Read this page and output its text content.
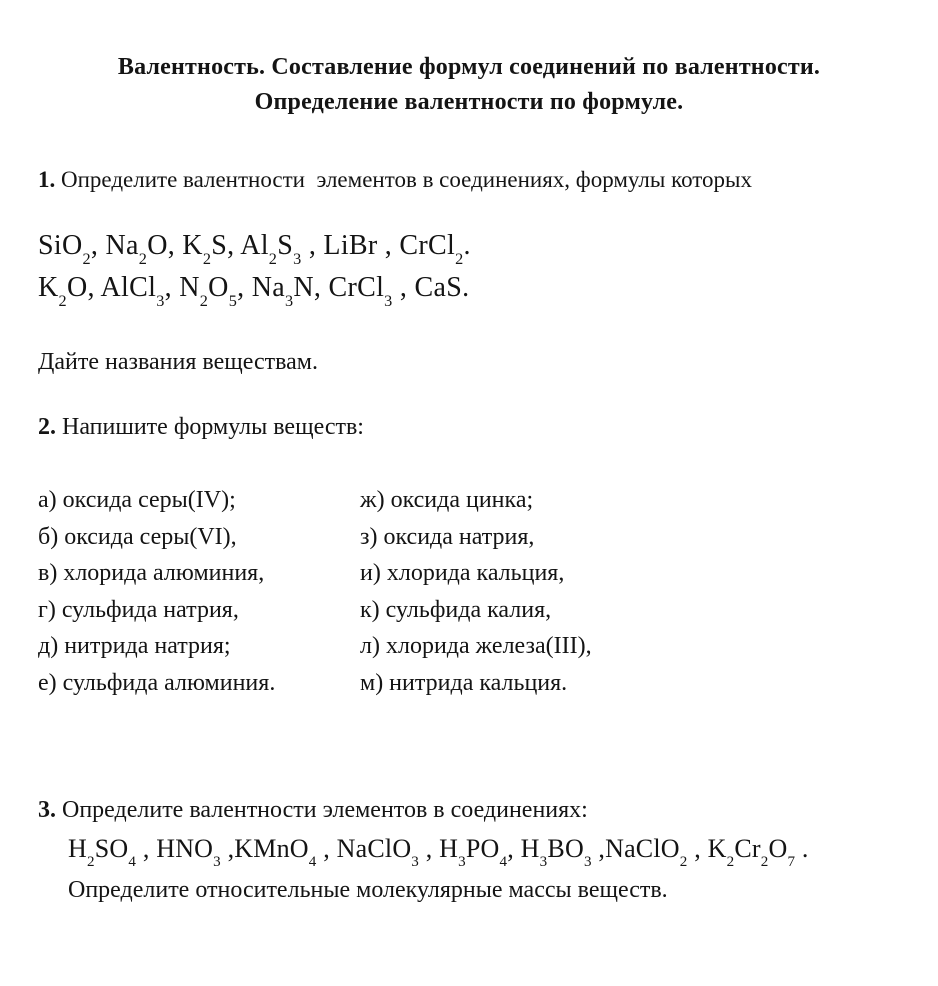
Валентность. Составление формул соединений по валентности.
Определение валентности по формуле.

1. Определите валентности  элементов в соединениях, формулы которых

SiO$_2$, $Na_2O$, $K_2S$, $Al_2S_3$ , LiBr , CrCl$_2$.
$K_2O$, AlCl$_3$, $N_2O_5$, $Na_3N$, CrCl$_3$ , CaS.

Дайте названия веществам.

2. Напишите формулы веществ:

а) оксида серы(IV);
б) оксида серы(VI),
в) хлорида алюминия,
г) сульфида натрия,
д) нитрида натрия;
е) сульфида алюминия.
ж) оксида цинка;
з) оксида натрия,
и) хлорида кальция,
к) сульфида калия,
л) хлорида железа(III),
м) нитрида кальция.
3. Определите валентности элементов в соединениях:
$H_2SO_4$ , $HNO_3$ ,KMnO$_4$ , NaClO$_3$ , $H_3PO_4$, $H_3BO_3$ ,NaClO$_2$ , $K_2Cr_2O_7$ .
Определите относительные молекулярные массы веществ.
